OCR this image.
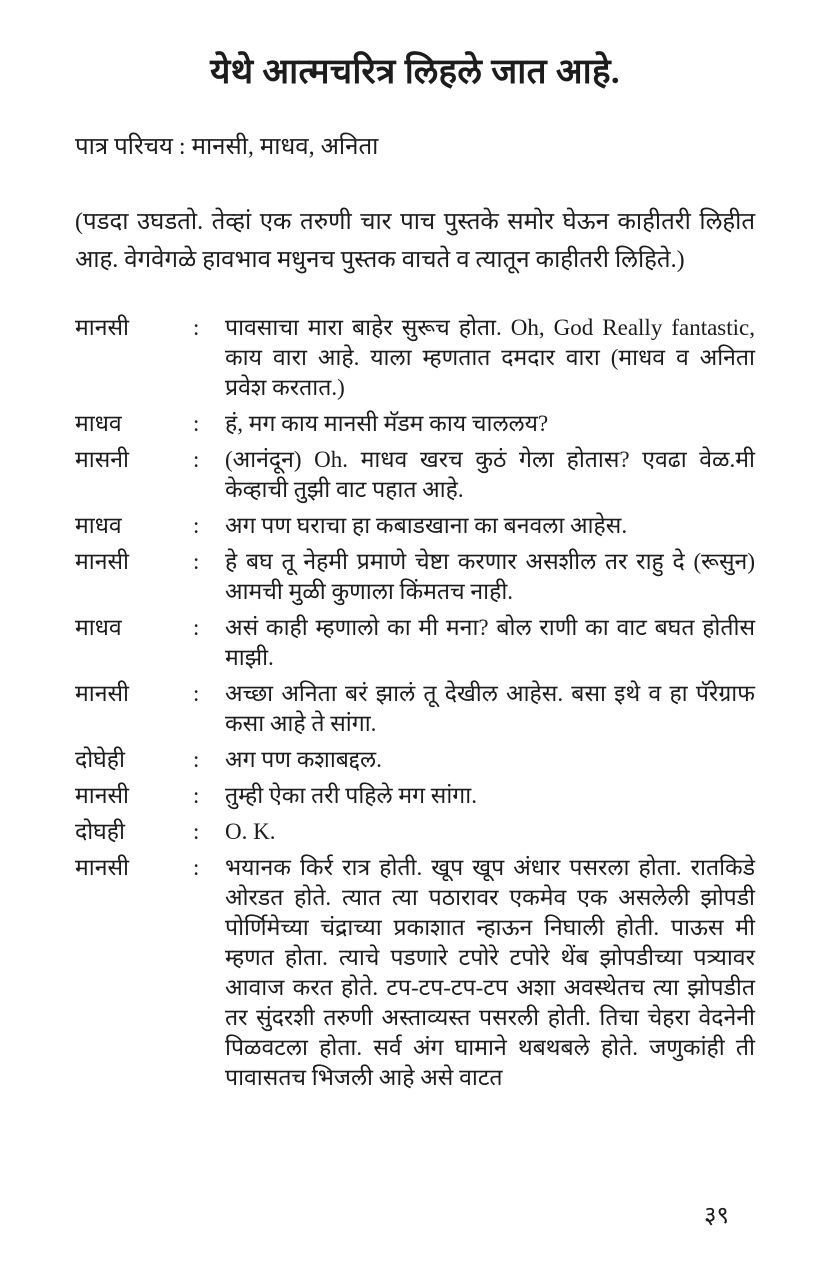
येथे आत्मचरित्र लिहले जात आहे.
पात्र परिचय : मानसी, माधव, अनिता
(पडदा उघडतो. तेव्हां एक तरुणी चार पाच पुस्तके समोर घेऊन काहीतरी लिहीत आह. वेगवेगळे हावभाव मधुनच पुस्तक वाचते व त्यातून काहीतरी लिहिते.)
मानसी	:	पावसाचा मारा बाहेर सुरूच होता. Oh, God Really fantastic, काय वारा आहे. याला म्हणतात दमदार वारा (माधव व अनिता प्रवेश करतात.)
माधव	:	हं, मग काय मानसी मॅडम काय चाललय?
मासनी	:	(आनंदून) Oh. माधव खरच कुठं गेला होतास? एवढा वेळ.मी केव्हाची तुझी वाट पहात आहे.
माधव	:	अग पण घराचा हा कबाडखाना का बनवला आहेस.
मानसी	:	हे बघ तू नेहमी प्रमाणे चेष्टा करणार असशील तर राहु दे (रूसुन) आमची मुळी कुणाला किंमतच नाही.
माधव	:	असं काही म्हणालो का मी मना? बोल राणी का वाट बघत होतीस माझी.
मानसी	:	अच्छा अनिता बरं झालं तू देखील आहेस. बसा इथे व हा पॅरेग्राफ कसा आहे ते सांगा.
दोघेही	:	अग पण कशाबद्दल.
मानसी	:	तुम्ही ऐका तरी पहिले मग सांगा.
दोघही	:	O. K.
मानसी	:	भयानक किर्र रात्र होती. खूप खूप अंधार पसरला होता. रातकिडे ओरडत होते. त्यात त्या पठारावर एकमेव एक असलेली झोपडी पोर्णिमेच्या चंद्राच्या प्रकाशात न्हाऊन निघाली होती. पाऊस मी म्हणत होता. त्याचे पडणारे टपोरे टपोरे थेंब झोपडीच्या पत्र्यावर आवाज करत होते. टप-टप-टप-टप अशा अवस्थेतच त्या झोपडीत तर सुंदरशी तरुणी अस्ताव्यस्त पसरली होती. तिचा चेहरा वेदनेनी पिळवटला होता. सर्व अंग घामाने थबथबले होते. जणुकांही ती पावासतच भिजली आहे असे वाटत
३९
